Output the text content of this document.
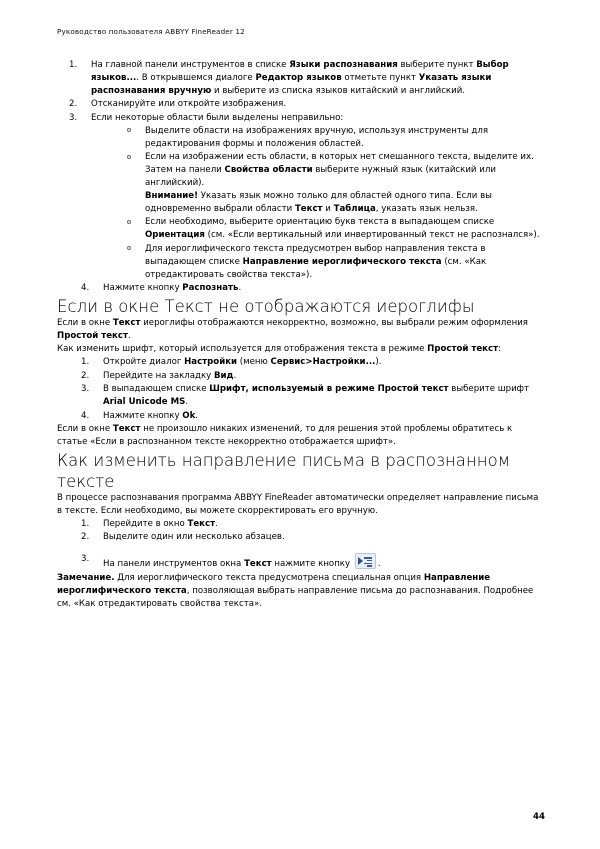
Руководство пользователя ABBYY FineReader 12
1.	На главной панели инструментов в списке Языки распознавания выберите пункт Выбор языков.... В открывшемся диалоге Редактор языков отметьте пункт Указать языки распознавания вручную и выберите из списка языков китайский и английский.
2.	Отсканируйте или откройте изображения.
3.	Если некоторые области были выделены неправильно:
Выделите области на изображениях вручную, используя инструменты для редактирования формы и положения областей.
Если на изображении есть области, в которых нет смешанного текста, выделите их. Затем на панели Свойства области выберите нужный язык (китайский или английский).
Внимание! Указать язык можно только для областей одного типа. Если вы одновременно выбрали области Текст и Таблица, указать язык нельзя.
Если необходимо, выберите ориентацию букв текста в выпадающем списке Ориентация (см. «Если вертикальный или инвертированный текст не распознался»).
Для иероглифического текста предусмотрен выбор направления текста в выпадающем списке Направление иероглифического текста (см. «Как отредактировать свойства текста»).
4.	Нажмите кнопку Распознать.
Если в окне Текст не отображаются иероглифы

Если в окне Текст иероглифы отображаются некорректно, возможно, вы выбрали режим оформления Простой текст.

Как изменить шрифт, который используется для отображения текста в режиме Простой текст:

1.	Откройте диалог Настройки (меню Сервис>Настройки...).
2.	Перейдите на закладку Вид.
3.	В выпадающем списке Шрифт, используемый в режиме Простой текст выберите шрифт Arial Unicode MS.
4.	Нажмите кнопку Ok.

Если в окне Текст не произошло никаких изменений, то для решения этой проблемы обратитесь к статье «Если в распознанном тексте некорректно отображается шрифт».

Как изменить направление письма в распознанном тексте

В процессе распознавания программа ABBYY FineReader автоматически определяет направление письма в тексте. Если необходимо, вы можете скорректировать его вручную.

1.	Перейдите в окно Текст.
2.	Выделите один или несколько абзацев.
3.	На панели инструментов окна Текст нажмите кнопку	.

Замечание. Для иероглифического текста предусмотрена специальная опция Направление иероглифического текста, позволяющая выбрать направление письма до распознавания. Подробнее см. «Как отредактировать свойства текста».

44
